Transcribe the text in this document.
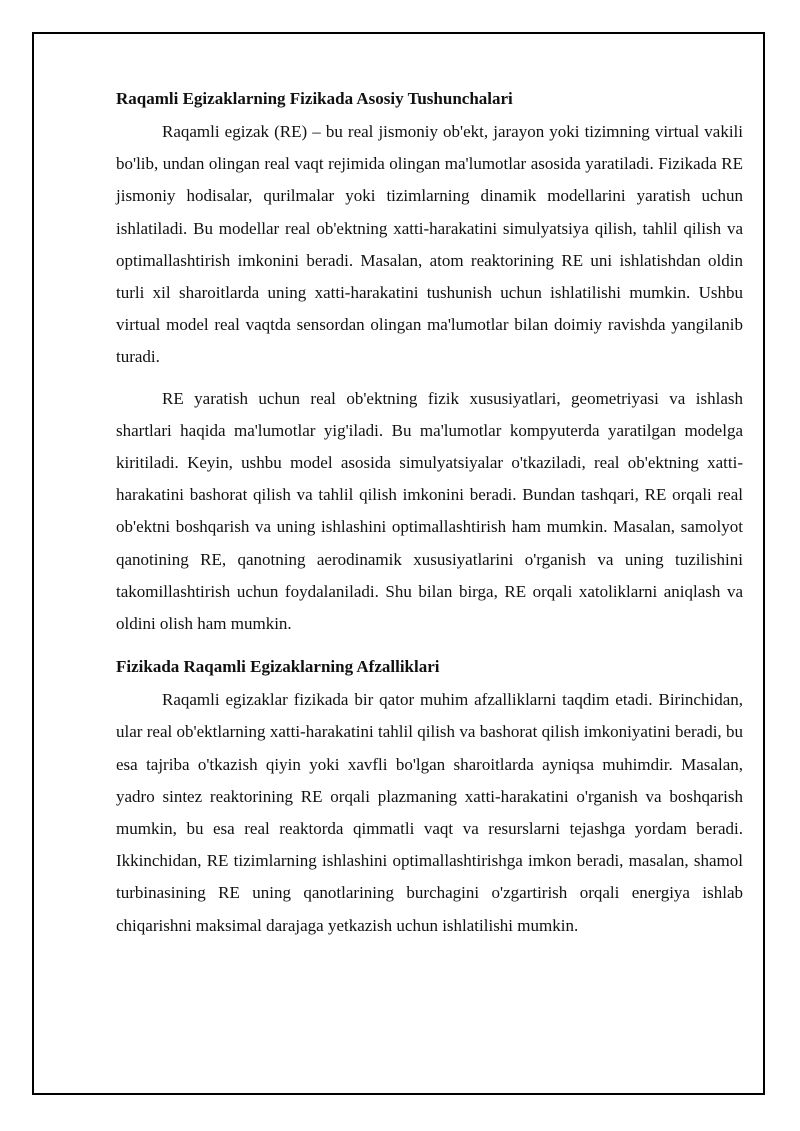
Raqamli Egizaklarning Fizikada Asosiy Tushunchalari

Raqamli egizak (RE) – bu real jismoniy ob'ekt, jarayon yoki tizimning virtual vakili bo'lib, undan olingan real vaqt rejimida olingan ma'lumotlar asosida yaratiladi. Fizikada RE jismoniy hodisalar, qurilmalar yoki tizimlarning dinamik modellarini yaratish uchun ishlatiladi. Bu modellar real ob'ektning xatti-harakatini simulyatsiya qilish, tahlil qilish va optimallashtirish imkonini beradi. Masalan, atom reaktorining RE uni ishlatishdan oldin turli xil sharoitlarda uning xatti-harakatini tushunish uchun ishlatilishi mumkin. Ushbu virtual model real vaqtda sensordan olingan ma'lumotlar bilan doimiy ravishda yangilanib turadi.

RE yaratish uchun real ob'ektning fizik xususiyatlari, geometriyasi va ishlash shartlari haqida ma'lumotlar yig'iladi. Bu ma'lumotlar kompyuterda yaratilgan modelga kiritiladi. Keyin, ushbu model asosida simulyatsiyalar o'tkaziladi, real ob'ektning xatti-harakatini bashorat qilish va tahlil qilish imkonini beradi. Bundan tashqari, RE orqali real ob'ektni boshqarish va uning ishlashini optimallashtirish ham mumkin. Masalan, samolyot qanotining RE, qanotning aerodinamik xususiyatlarini o'rganish va uning tuzilishini takomillashtirish uchun foydalaniladi. Shu bilan birga, RE orqali xatoliklarni aniqlash va oldini olish ham mumkin.

Fizikada Raqamli Egizaklarning Afzalliklari

Raqamli egizaklar fizikada bir qator muhim afzalliklarni taqdim etadi. Birinchidan, ular real ob'ektlarning xatti-harakatini tahlil qilish va bashorat qilish imkoniyatini beradi, bu esa tajriba o'tkazish qiyin yoki xavfli bo'lgan sharoitlarda ayniqsa muhimdir. Masalan, yadro sintez reaktorining RE orqali plazmaning xatti-harakatini o'rganish va boshqarish mumkin, bu esa real reaktorda qimmatli vaqt va resurslarni tejashga yordam beradi. Ikkinchidan, RE tizimlarning ishlashini optimallashtirishga imkon beradi, masalan, shamol turbinasining RE uning qanotlarining burchagini o'zgartirish orqali energiya ishlab chiqarishni maksimal darajaga yetkazish uchun ishlatilishi mumkin.
